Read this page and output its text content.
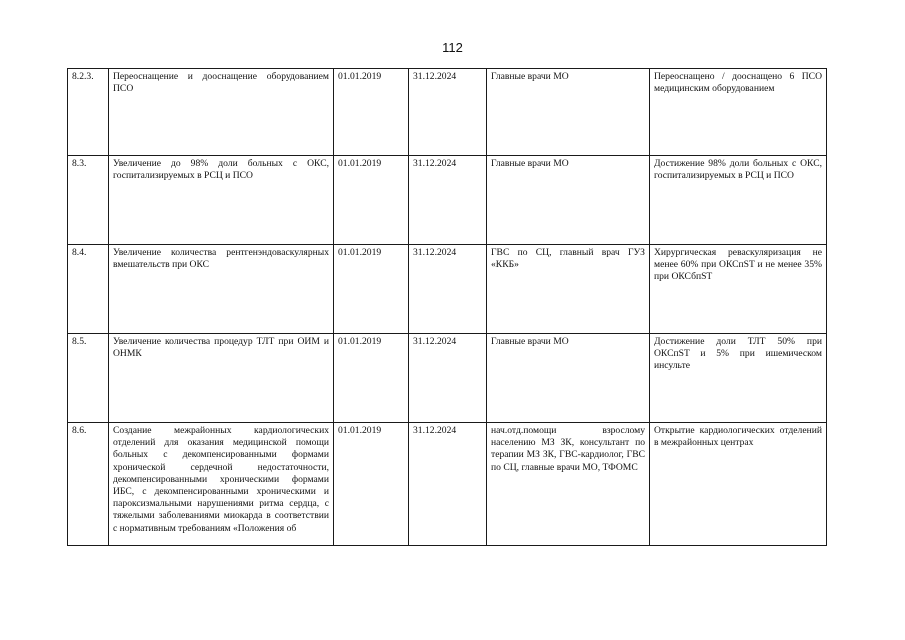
112
8.2.3.	Переоснащение и дооснащение оборудованием ПСО	01.01.2019	31.12.2024	Главные врачи МО	Переоснащено / дооснащено 6 ПСО медицинским оборудованием
8.3.	Увеличение до 98% доли больных с ОКС, госпитализируемых в РСЦ и ПСО	01.01.2019	31.12.2024	Главные врачи МО	Достижение 98% доли больных с ОКС, госпитализируемых в РСЦ и ПСО
8.4.	Увеличение количества рентгенэндоваскулярных вмешательств при ОКС	01.01.2019	31.12.2024	ГВС по СЦ, главный врач ГУЗ «ККБ»	Хирургическая реваскуляризация не менее 60% при ОКСпST и не менее 35% при ОКСбпST
8.5.	Увеличение количества процедур ТЛТ при ОИМ и ОНМК	01.01.2019	31.12.2024	Главные врачи МО	Достижение доли ТЛТ 50% при ОКСпST и 5% при ишемическом инсульте
8.6.	Создание межрайонных кардиологических отделений для оказания медицинской помощи больных с декомпенсированными формами хронической сердечной недостаточности, декомпенсированными хроническими формами ИБС, с декомпенсированными хроническими и пароксизмальными нарушениями ритма сердца, с тяжелыми заболеваниями миокарда в соответствии с нормативным требованиям «Положения об	01.01.2019	31.12.2024	нач.отд.помощи взрослому населению МЗ ЗК, консультант по терапии МЗ ЗК, ГВС-кардиолог, ГВС по СЦ, главные врачи МО, ТФОМС	Открытие кардиологических отделений в межрайонных центрах
